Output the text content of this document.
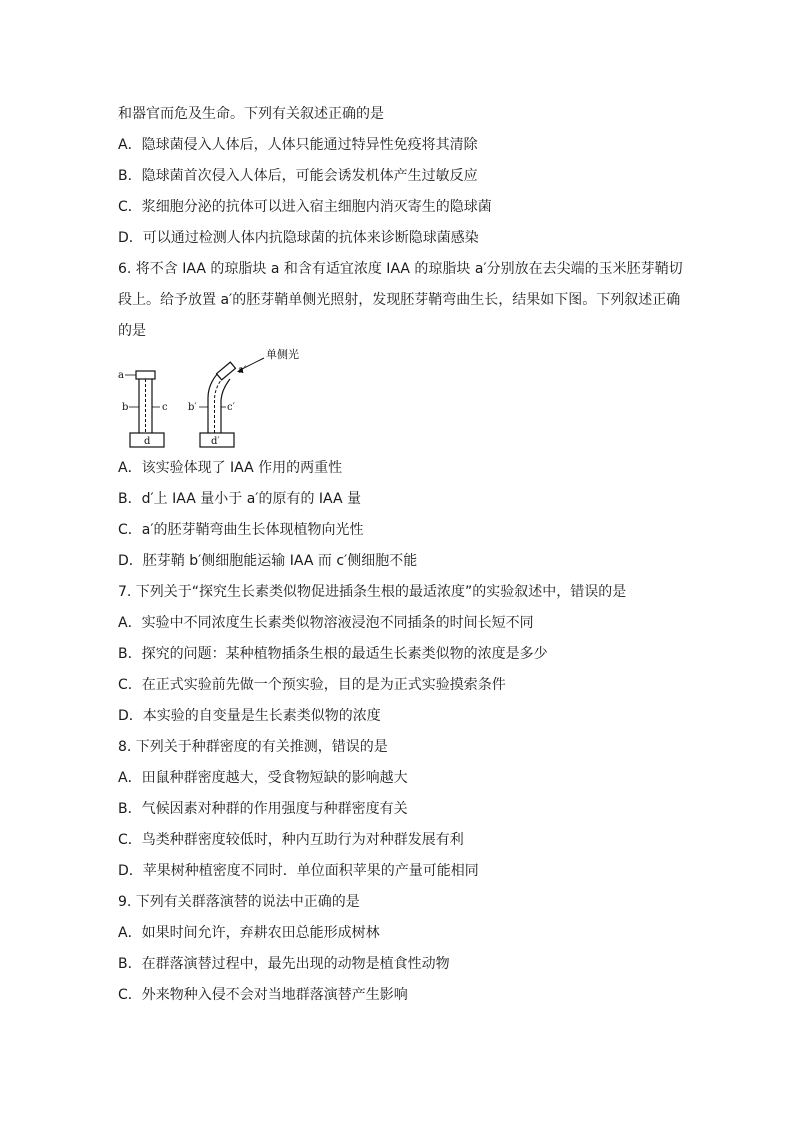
和器官而危及生命。下列有关叙述正确的是
A．隐球菌侵入人体后，人体只能通过特异性免疫将其清除
B．隐球菌首次侵入人体后，可能会诱发机体产生过敏反应
C．浆细胞分泌的抗体可以进入宿主细胞内消灭寄生的隐球菌
D．可以通过检测人体内抗隐球菌的抗体来诊断隐球菌感染
6. 将不含 IAA 的琼脂块 a 和含有适宜浓度 IAA 的琼脂块 a′分别放在去尖端的玉米胚芽鞘切
段上。给予放置 a′的胚芽鞘单侧光照射，发现胚芽鞘弯曲生长，结果如下图。下列叙述正确
的是
a
b	c
d
单侧光
a′
b′	c′
d′
A．该实验体现了 IAA 作用的两重性
B．d′上 IAA 量小于 a′的原有的 IAA 量
C．a′的胚芽鞘弯曲生长体现植物向光性
D．胚芽鞘 b′侧细胞能运输 IAA 而 c′侧细胞不能
7. 下列关于“探究生长素类似物促进插条生根的最适浓度”的实验叙述中，错误的是
A．实验中不同浓度生长素类似物溶液浸泡不同插条的时间长短不同
B．探究的问题：某种植物插条生根的最适生长素类似物的浓度是多少
C．在正式实验前先做一个预实验，目的是为正式实验摸索条件
D．本实验的自变量是生长素类似物的浓度
8. 下列关于种群密度的有关推测，错误的是
A．田鼠种群密度越大，受食物短缺的影响越大
B．气候因素对种群的作用强度与种群密度有关
C．鸟类种群密度较低时，种内互助行为对种群发展有利
D．苹果树种植密度不同时．单位面积苹果的产量可能相同
9. 下列有关群落演替的说法中正确的是
A．如果时间允许，弃耕农田总能形成树林
B．在群落演替过程中，最先出现的动物是植食性动物
C．外来物种入侵不会对当地群落演替产生影响
